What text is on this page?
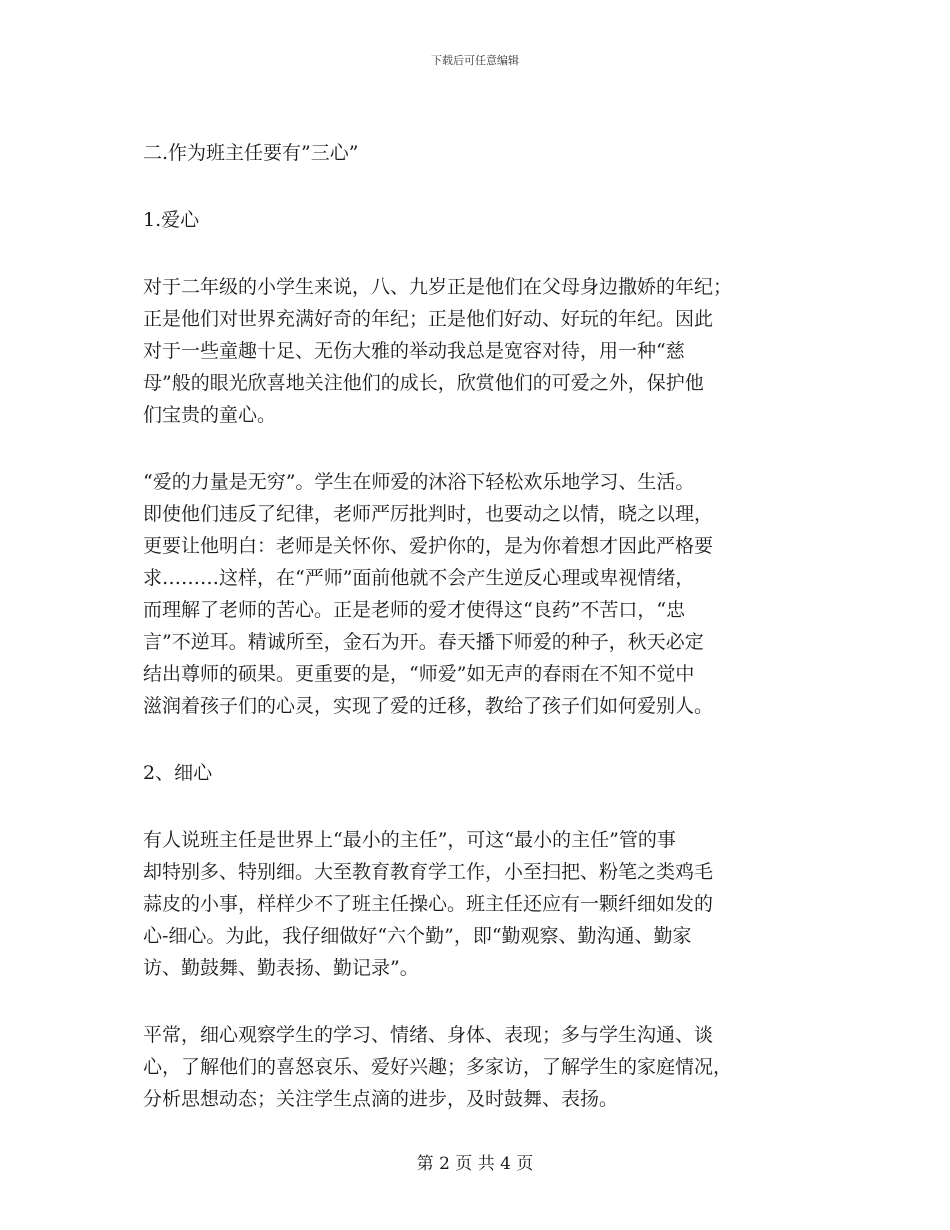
下载后可任意编辑
二.作为班主任要有”三心”
1.爱心
对于二年级的小学生来说，八、九岁正是他们在父母身边撒娇的年纪；
正是他们对世界充满好奇的年纪；正是他们好动、好玩的年纪。因此
对于一些童趣十足、无伤大雅的举动我总是宽容对待，用一种“慈
母”般的眼光欣喜地关注他们的成长，欣赏他们的可爱之外，保护他
们宝贵的童心。
“爱的力量是无穷”。学生在师爱的沐浴下轻松欢乐地学习、生活。
即使他们违反了纪律，老师严厉批判时，也要动之以情，晓之以理，
更要让他明白：老师是关怀你、爱护你的，是为你着想才因此严格要
求………这样，在“严师”面前他就不会产生逆反心理或卑视情绪，
而理解了老师的苦心。正是老师的爱才使得这“良药”不苦口，“忠
言”不逆耳。精诚所至，金石为开。春天播下师爱的种子，秋天必定
结出尊师的硕果。更重要的是，“师爱”如无声的春雨在不知不觉中
滋润着孩子们的心灵，实现了爱的迁移，教给了孩子们如何爱别人。
2、细心
有人说班主任是世界上“最小的主任”，可这“最小的主任”管的事
却特别多、特别细。大至教育教育学工作，小至扫把、粉笔之类鸡毛
蒜皮的小事，样样少不了班主任操心。班主任还应有一颗纤细如发的
心-细心。为此，我仔细做好“六个勤”，即“勤观察、勤沟通、勤家
访、勤鼓舞、勤表扬、勤记录”。
平常，细心观察学生的学习、情绪、身体、表现；多与学生沟通、谈
心，了解他们的喜怒哀乐、爱好兴趣；多家访，了解学生的家庭情况，
分析思想动态；关注学生点滴的进步，及时鼓舞、表扬。
第 2 页 共 4 页
